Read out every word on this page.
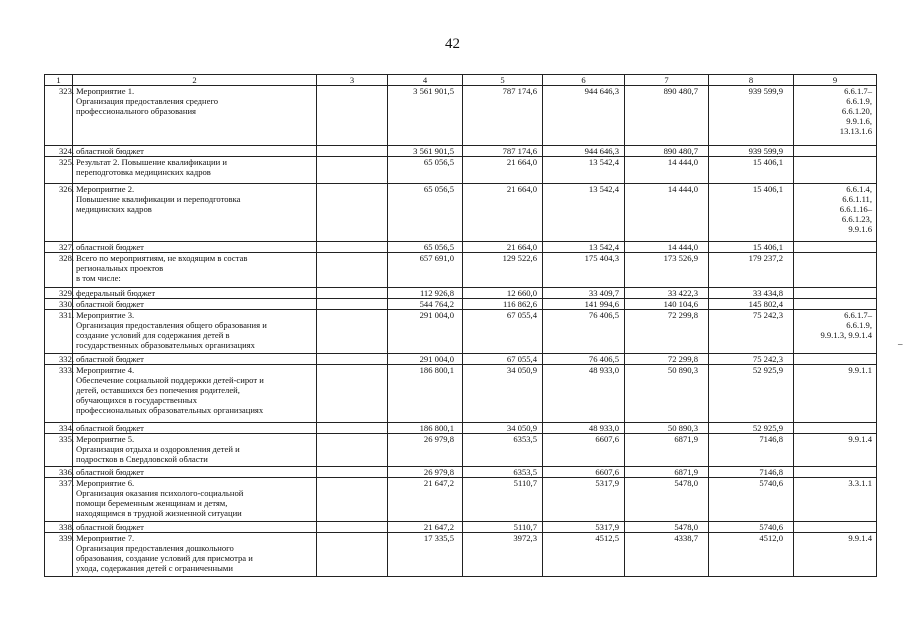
42
1	2	3	4	5	6	7	8	9
323.	Мероприятие 1.
Организация предоставления среднего
профессионального образования		3 561 901,5	787 174,6	944 646,3	890 480,7	939 599,9	6.6.1.7–
6.6.1.9,
6.6.1.20,
9.9.1.6,
13.13.1.6
324.	областной бюджет		3 561 901,5	787 174,6	944 646,3	890 480,7	939 599,9	
325.	Результат 2. Повышение квалификации и
переподготовка медицинских кадров		65 056,5	21 664,0	13 542,4	14 444,0	15 406,1	
326.	Мероприятие 2.
Повышение квалификации и переподготовка
медицинских кадров		65 056,5	21 664,0	13 542,4	14 444,0	15 406,1	6.6.1.4,
6.6.1.11,
6.6.1.16–
6.6.1.23,
9.9.1.6
327.	областной бюджет		65 056,5	21 664,0	13 542,4	14 444,0	15 406,1	
328.	Всего по мероприятиям, не входящим в состав
региональных проектов
в том числе:		657 691,0	129 522,6	175 404,3	173 526,9	179 237,2	
329.	федеральный бюджет		112 926,8	12 660,0	33 409,7	33 422,3	33 434,8	
330.	областной бюджет		544 764,2	116 862,6	141 994,6	140 104,6	145 802,4	
331.	Мероприятие 3.
Организация предоставления общего образования и
создание условий для содержания детей в
государственных образовательных организациях		291 004,0	67 055,4	76 406,5	72 299,8	75 242,3	6.6.1.7–
6.6.1.9,
9.9.1.3, 9.9.1.4
332.	областной бюджет		291 004,0	67 055,4	76 406,5	72 299,8	75 242,3	
333.	Мероприятие 4.
Обеспечение социальной поддержки детей-сирот и
детей, оставшихся без попечения родителей,
обучающихся в государственных
профессиональных образовательных организациях		186 800,1	34 050,9	48 933,0	50 890,3	52 925,9	9.9.1.1
334.	областной бюджет		186 800,1	34 050,9	48 933,0	50 890,3	52 925,9	
335.	Мероприятие 5.
Организация отдыха и оздоровления детей и
подростков в Свердловской области		26 979,8	6353,5	6607,6	6871,9	7146,8	9.9.1.4
336.	областной бюджет		26 979,8	6353,5	6607,6	6871,9	7146,8	
337.	Мероприятие 6.
Организация оказания психолого-социальной
помощи беременным женщинам и детям,
находящимся в трудной жизненной ситуации		21 647,2	5110,7	5317,9	5478,0	5740,6	3.3.1.1
338.	областной бюджет		21 647,2	5110,7	5317,9	5478,0	5740,6	
339.	Мероприятие 7.
Организация предоставления дошкольного
образования, создание условий для присмотра и
ухода, содержания детей с ограниченными		17 335,5	3972,3	4512,5	4338,7	4512,0	9.9.1.4
–
